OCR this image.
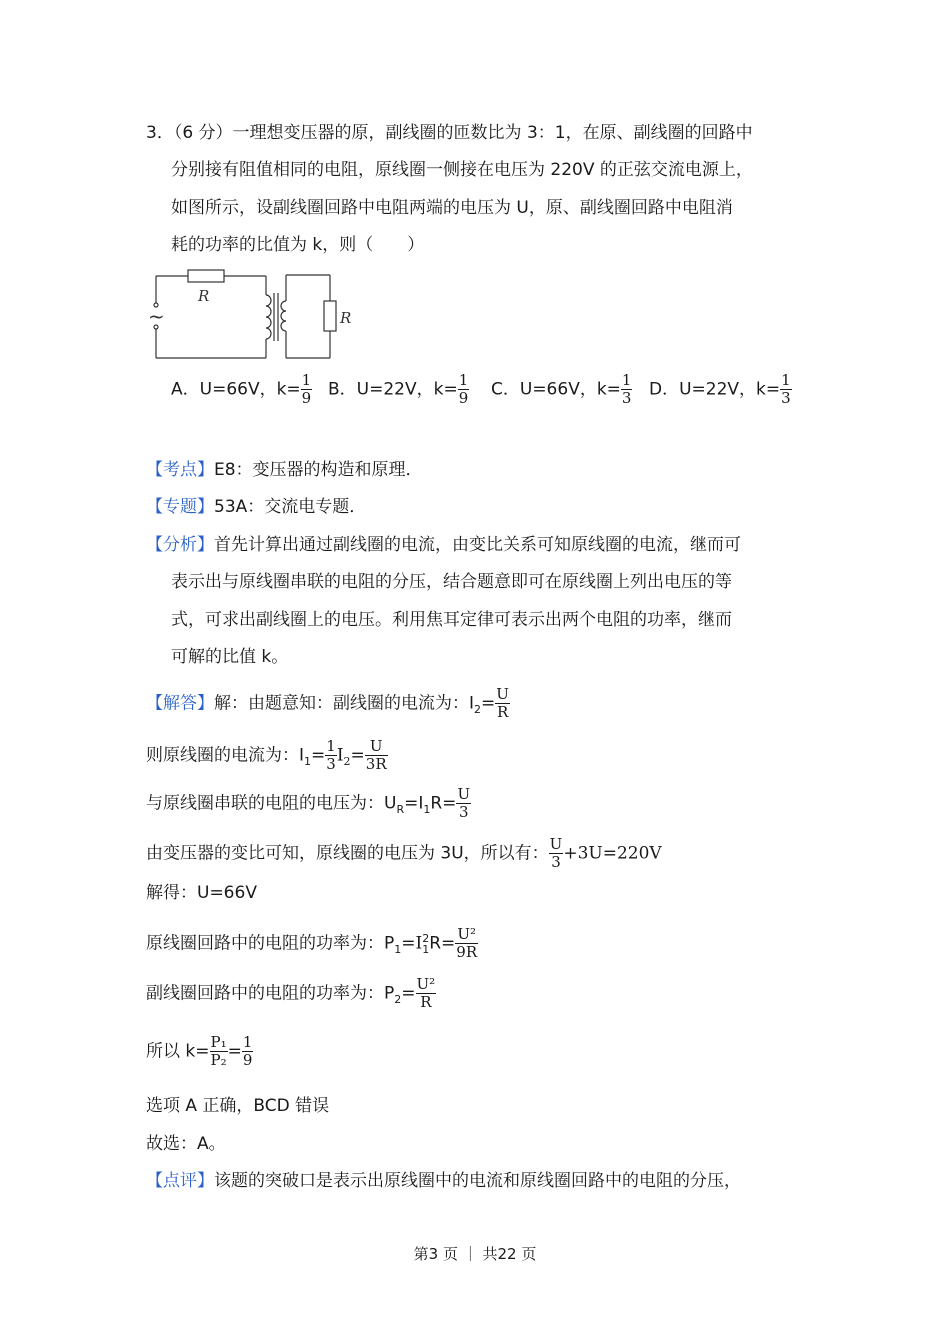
3．（6 分）一理想变压器的原，副线圈的匝数比为 3：1，在原、副线圈的回路中
分别接有阻值相同的电阻，原线圈一侧接在电压为 220V 的正弦交流电源上，
如图所示，设副线圈回路中电阻两端的电压为 U，原、副线圈回路中电阻消
耗的功率的比值为 k，则（　　）
~
R
R
A．U=66V，$k= \frac{1}{9}$ B．U=22V，$k= \frac{1}{9}$ C．U=66V，$k= \frac{1}{3}$ D．U=22V，$k= \frac{1}{3}$
【考点】E8：变压器的构造和原理．
【专题】53A：交流电专题．
【分析】首先计算出通过副线圈的电流，由变比关系可知原线圈的电流，继而可
表示出与原线圈串联的电阻的分压，结合题意即可在原线圈上列出电压的等
式，可求出副线圈上的电压。利用焦耳定律可表示出两个电阻的功率，继而
可解的比值 k。
【解答】解：由题意知：副线圈的电流为：$I_2= \frac{U}{R}$
则原线圈的电流为：$I_1= \frac{1}{3} I_2= \frac{U}{3R}$
与原线圈串联的电阻的电压为：$U_R=I_1R= \frac{U}{3}$
由变压器的变比可知，原线圈的电压为 3U，所以有： $\frac{U}{3} +3U=220V$
解得：U=66V
原线圈回路中的电阻的功率为：$P_1=I$ 2
1 $R= \frac{\text{U²}}{9R}$
副线圈回路中的电阻的功率为：$P_2= \frac{\text{U²}}{R}$
所以 $k= \frac{\text{P₁}}{\text{P₂}} = \frac{1}{9}$
选项 A 正确，BCD 错误
故选：A。
【点评】该题的突破口是表示出原线圈中的电流和原线圈回路中的电阻的分压，
第3 页 ｜ 共22 页
